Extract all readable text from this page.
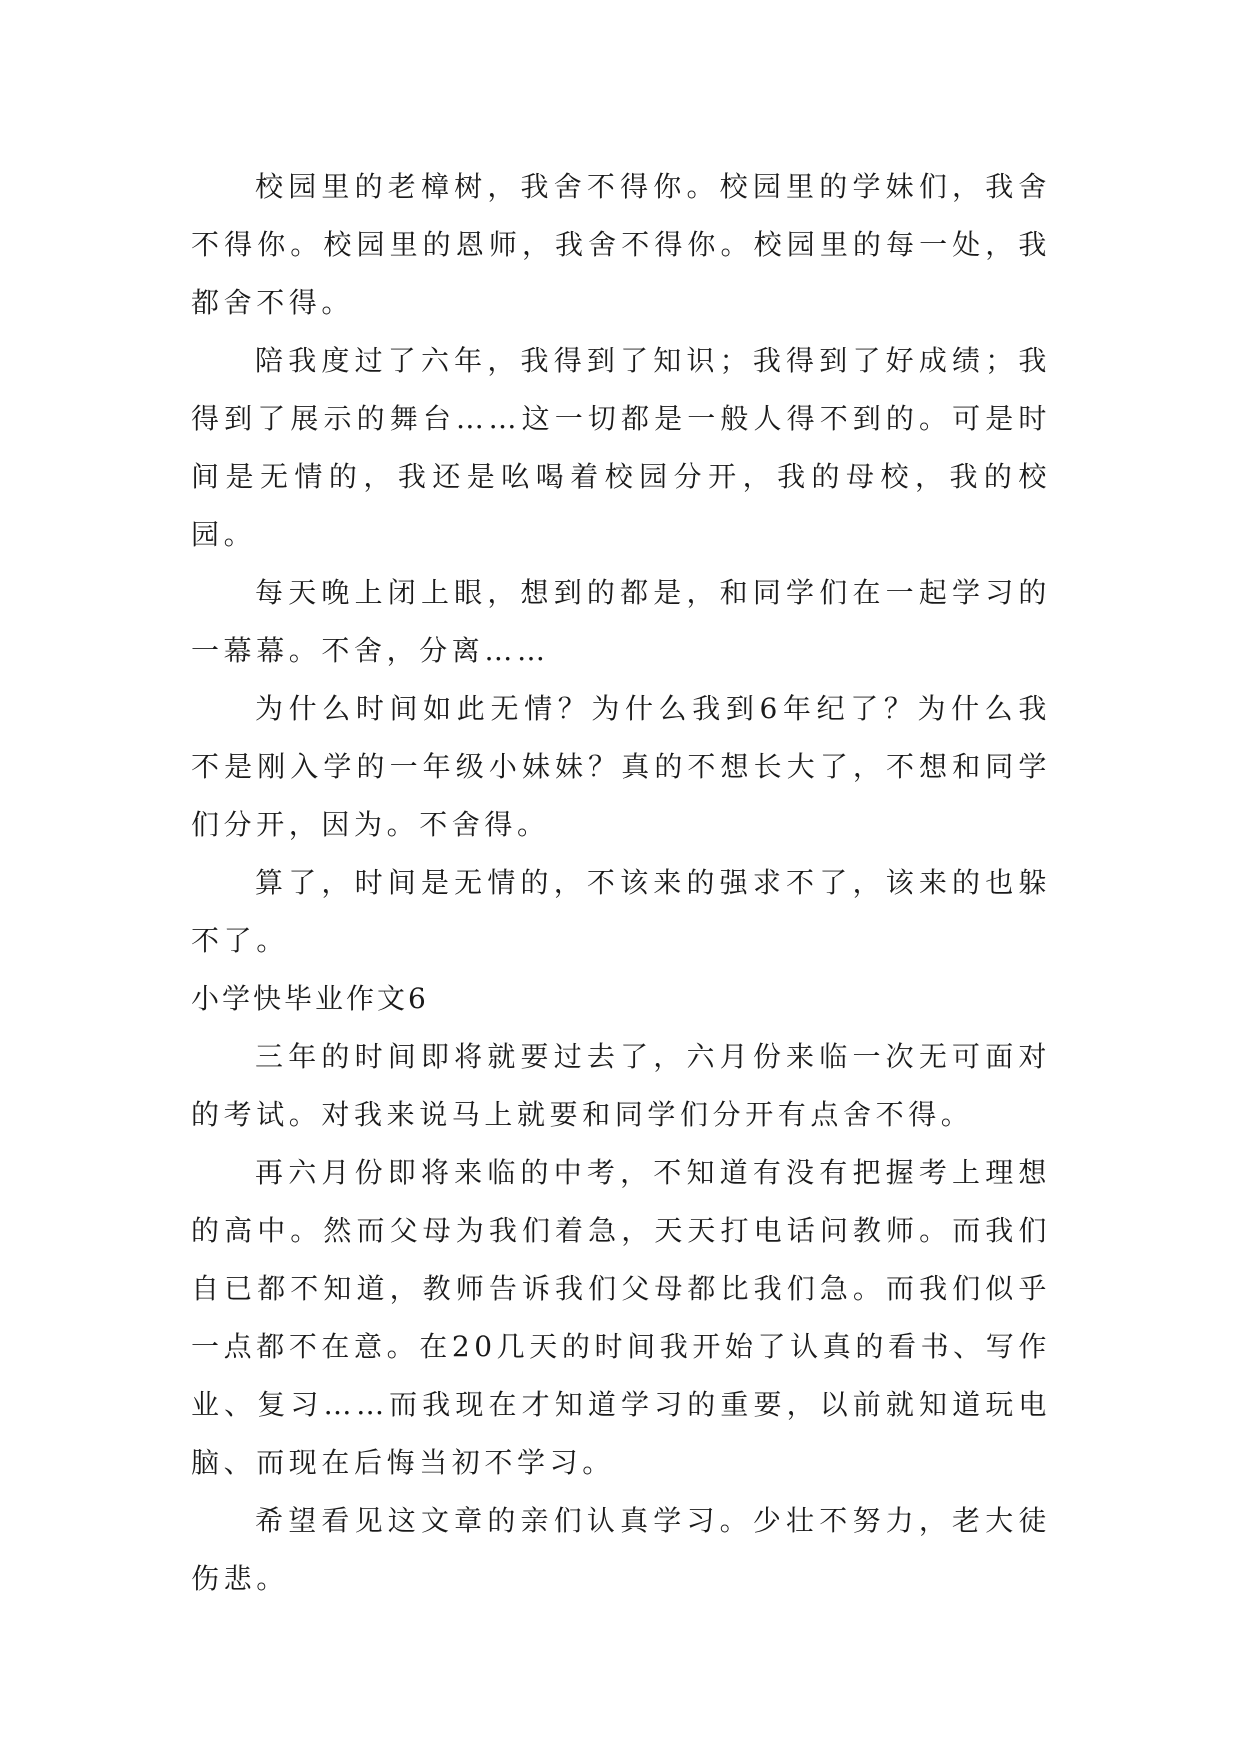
校园里的老樟树，我舍不得你。校园里的学妹们，我舍不得你。校园里的恩师，我舍不得你。校园里的每一处，我都舍不得。

陪我度过了六年，我得到了知识；我得到了好成绩；我得到了展示的舞台……这一切都是一般人得不到的。可是时间是无情的，我还是吆喝着校园分开，我的母校，我的校园。

每天晚上闭上眼，想到的都是，和同学们在一起学习的一幕幕。不舍，分离……

为什么时间如此无情？为什么我到6年纪了？为什么我不是刚入学的一年级小妹妹？真的不想长大了，不想和同学们分开，因为。不舍得。

算了，时间是无情的，不该来的强求不了，该来的也躲不了。

小学快毕业作文6

三年的时间即将就要过去了，六月份来临一次无可面对的考试。对我来说马上就要和同学们分开有点舍不得。

再六月份即将来临的中考，不知道有没有把握考上理想的高中。然而父母为我们着急，天天打电话问教师。而我们自已都不知道，教师告诉我们父母都比我们急。而我们似乎一点都不在意。在20几天的时间我开始了认真的看书、写作业、复习……而我现在才知道学习的重要，以前就知道玩电脑、而现在后悔当初不学习。

希望看见这文章的亲们认真学习。少壮不努力，老大徒伤悲。
